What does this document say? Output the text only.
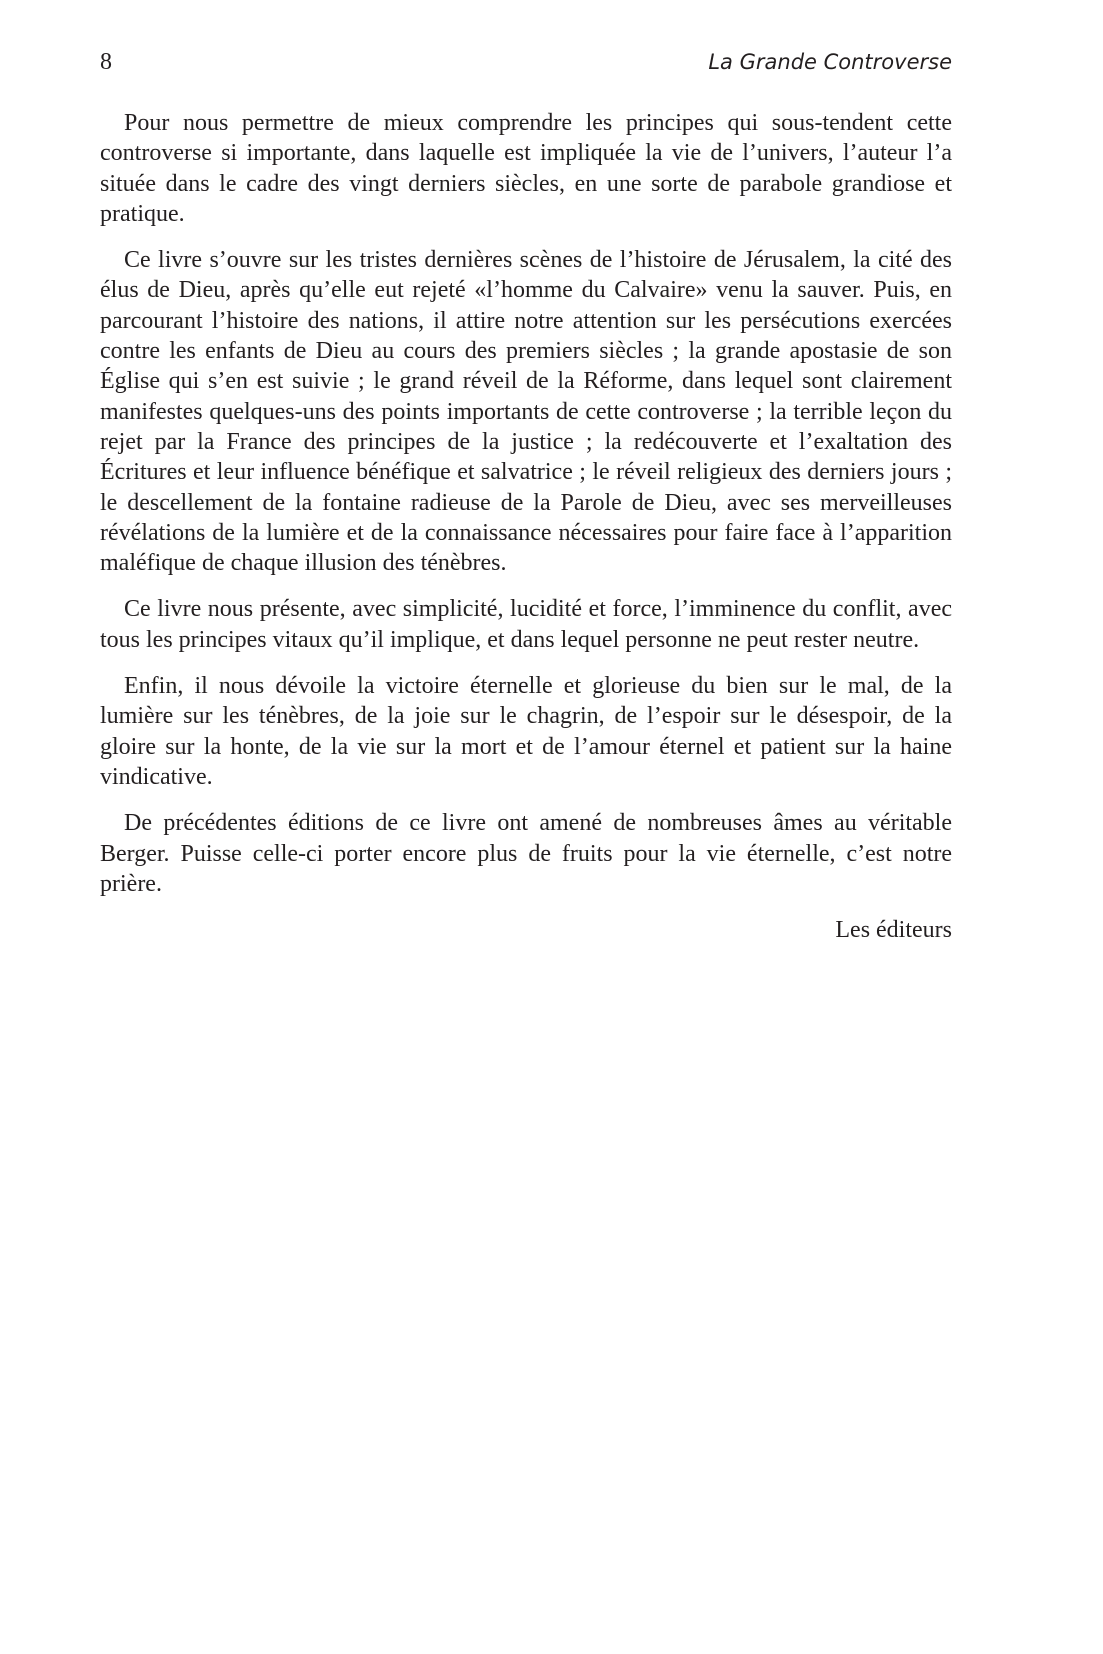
8	La Grande Controverse

Pour nous permettre de mieux comprendre les principes qui sous-tendent cette controverse si importante, dans laquelle est impliquée la vie de l’univers, l’auteur l’a située dans le cadre des vingt derniers siècles, en une sorte de parabole grandiose et pratique.

Ce livre s’ouvre sur les tristes dernières scènes de l’histoire de Jérusalem, la cité des élus de Dieu, après qu’elle eut rejeté «l’homme du Calvaire» venu la sauver. Puis, en parcourant l’histoire des nations, il attire notre attention sur les persécutions exercées contre les enfants de Dieu au cours des premiers siècles ; la grande apostasie de son Église qui s’en est suivie ; le grand réveil de la Réforme, dans lequel sont clairement manifestes quelques-uns des points importants de cette controverse ; la terrible leçon du rejet par la France des principes de la justice ; la redécouverte et l’exaltation des Écritures et leur influence bénéfique et salvatrice ; le réveil religieux des derniers jours ; le descellement de la fontaine radieuse de la Parole de Dieu, avec ses merveilleuses révélations de la lumière et de la connaissance nécessaires pour faire face à l’apparition maléfique de chaque illusion des ténèbres.

Ce livre nous présente, avec simplicité, lucidité et force, l’imminence du conflit, avec tous les principes vitaux qu’il implique, et dans lequel personne ne peut rester neutre.

Enfin, il nous dévoile la victoire éternelle et glorieuse du bien sur le mal, de la lumière sur les ténèbres, de la joie sur le chagrin, de l’espoir sur le désespoir, de la gloire sur la honte, de la vie sur la mort et de l’amour éternel et patient sur la haine vindicative.

De précédentes éditions de ce livre ont amené de nombreuses âmes au véritable Berger. Puisse celle-ci porter encore plus de fruits pour la vie éternelle, c’est notre prière.

Les éditeurs
